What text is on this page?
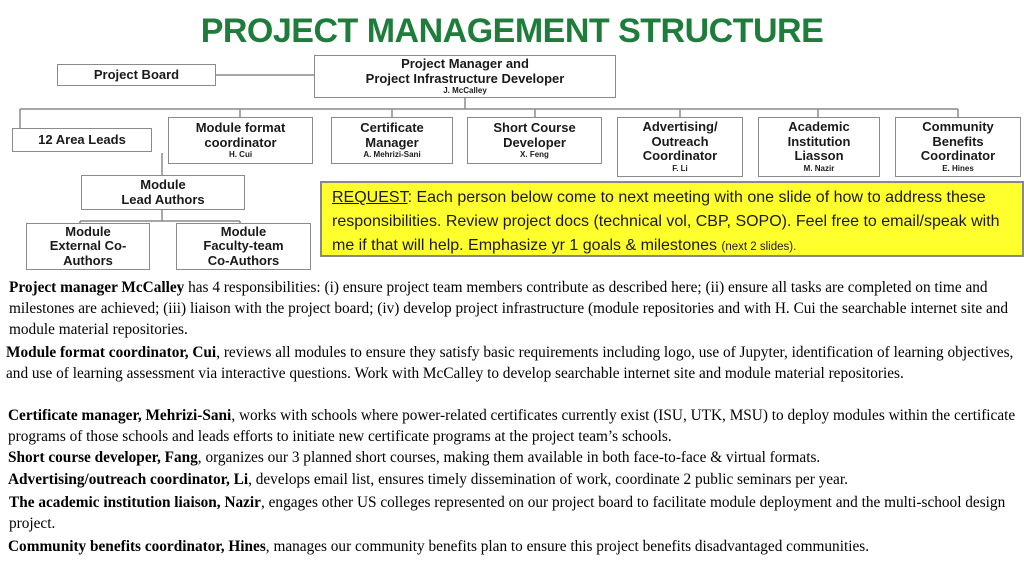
PROJECT MANAGEMENT STRUCTURE
Project Board
Project Manager and
Project Infrastructure Developer
J. McCalley
12 Area Leads
Module format
coordinator
H. Cui
Certificate
Manager
A. Mehrizi-Sani
Short Course
Developer
X. Feng
Advertising/
Outreach
Coordinator
F. Li
Academic
Institution
Liasson
M. Nazir
Community
Benefits
Coordinator
E. Hines
Module
Lead Authors
Module
External Co-
Authors
Module
Faculty-team
Co-Authors
REQUEST: Each person below come to next meeting with one slide of how to address these responsibilities. Review project docs (technical vol, CBP, SOPO). Feel free to email/speak with me if that will help. Emphasize yr 1 goals & milestones (next 2 slides).
Project manager McCalley has 4 responsibilities: (i) ensure project team members contribute as described here; (ii) ensure all tasks are completed on time and milestones are achieved; (iii) liaison with the project board; (iv) develop project infrastructure (module repositories and with H. Cui the searchable internet site and module material repositories.
Module format coordinator, Cui, reviews all modules to ensure they satisfy basic requirements including logo, use of Jupyter, identification of learning objectives, and use of learning assessment via interactive questions. Work with McCalley to develop searchable internet site and module material repositories.
Certificate manager, Mehrizi-Sani, works with schools where power-related certificates currently exist (ISU, UTK, MSU) to deploy modules within the certificate programs of those schools and leads efforts to initiate new certificate programs at the project team’s schools.
Short course developer, Fang, organizes our 3 planned short courses, making them available in both face-to-face & virtual formats.
Advertising/outreach coordinator, Li, develops email list, ensures timely dissemination of work, coordinate 2 public seminars per year.
The academic institution liaison, Nazir, engages other US colleges represented on our project board to facilitate module deployment and the multi-school design project.
Community benefits coordinator, Hines, manages our community benefits plan to ensure this project benefits disadvantaged communities.
